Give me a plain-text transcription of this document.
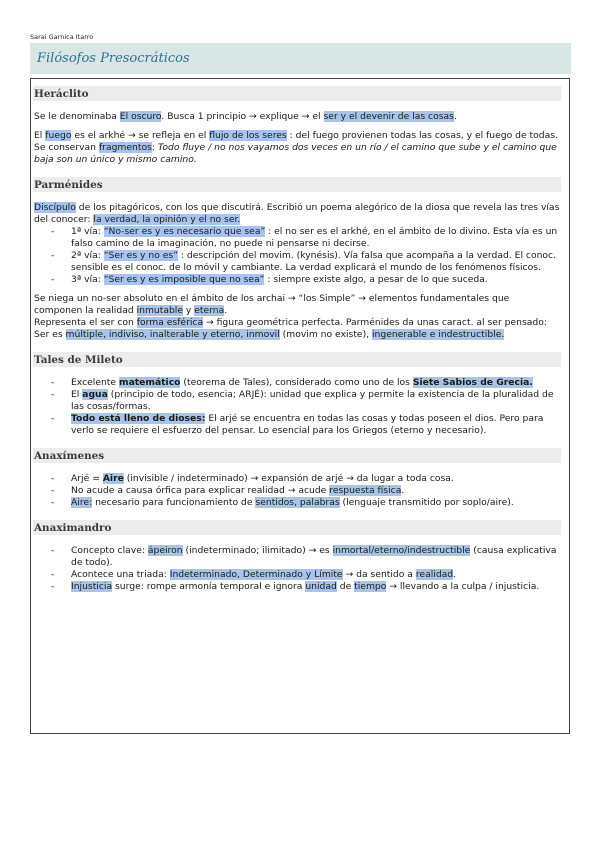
Sarai Garnica Itarro
Filósofos Presocráticos
Heráclito

Se le denominaba El oscuro. Busca 1 principio → explique → el ser y el devenir de las cosas.

El fuego es el arkhé → se refleja en el flujo de los seres : del fuego provienen todas las cosas, y el fuego de todas.

Se conservan fragmentos: Todo fluye / no nos vayamos dos veces en un río / el camino que sube y el camino que baja son un único y mismo camino.

Parménides

Discípulo de los pitagóricos, con los que discutirá. Escribió un poema alegórico de la diosa que revela las tres vías del conocer: la verdad, la opinión y el no ser.

- 1ª vía: “No-ser es y es necesario que sea” : el no ser es el arkhé, en el ámbito de lo divino. Esta vía es un falso camino de la imaginación, no puede ni pensarse ni decirse.
- 2ª vía: “Ser es y no es” : descripción del movim. (kynésis). Vía falsa que acompaña a la verdad. El conoc. sensible es el conoc. de lo móvil y cambiante. La verdad explicará el mundo de los fenómenos físicos.
- 3ª vía: “Ser es y es imposible que no sea” : siempre existe algo, a pesar de lo que suceda.

Se niega un no-ser absoluto en el ámbito de los archai → “los Simple” → elementos fundamentales que componen la realidad inmutable y eterna.

Representa el ser con forma esférica → figura geométrica perfecta. Parménides da unas caract. al ser pensado:

Ser es múltiple, indiviso, inalterable y eterno, inmovil (movim no existe), ingenerable e indestructible.

Tales de Mileto
- Excelente matemático (teorema de Tales), considerado como uno de los Siete Sabios de Grecia.
- El agua (principio de todo, esencia; ARJÉ): unidad que explica y permite la existencia de la pluralidad de las cosas/formas.
- Todo está lleno de dioses: El arjé se encuentra en todas las cosas y todas poseen el dios. Pero para verlo se requiere el esfuerzo del pensar. Lo esencial para los Griegos (eterno y necesario).
Anaxímenes
- Arjé = Aire (invisible / indeterminado) → expansión de arjé → da lugar a toda cosa.
- No acude a causa órfica para explicar realidad → acude respuesta física.
- Aire: necesario para funcionamiento de sentidos, palabras (lenguaje transmitido por soplo/aire).
Anaximandro
- Concepto clave: ápeiron (indeterminado; ilimitado) → es inmortal/eterno/indestructible (causa explicativa de todo).
- Acontece una triada: Indeterminado, Determinado y Límite → da sentido a realidad.
- Injusticia surge: rompe armonía temporal e ignora unidad de tiempo → llevando a la culpa / injusticia.
